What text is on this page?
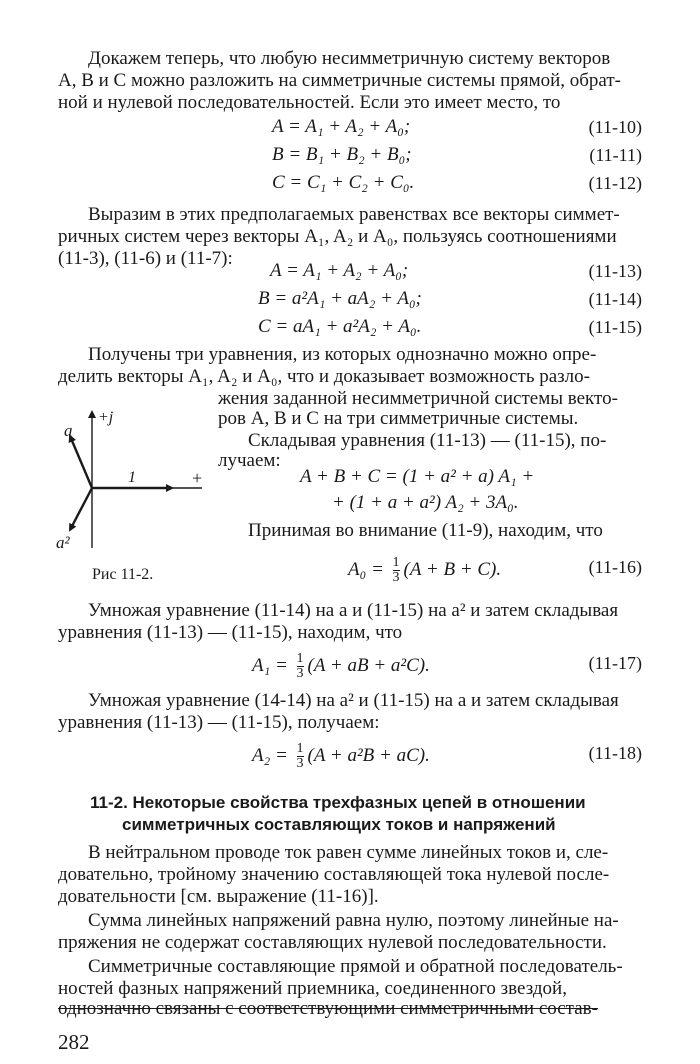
Докажем теперь, что любую несимметричную систему векторов
A, B и C можно разложить на симметричные системы прямой, обрат-
ной и нулевой последовательностей. Если это имеет место, то
A = A₁ + A₂ + A₀;	(11-10)
B = B₁ + B₂ + B₀;	(11-11)
C = C₁ + C₂ + C₀.	(11-12)
Выразим в этих предполагаемых равенствах все векторы симмет-
ричных систем через векторы A₁, A₂ и A₀, пользуясь соотношениями
(11-3), (11-6) и (11-7):
A = A₁ + A₂ + A₀;	(11-13)
B = a²A₁ + aA₂ + A₀;	(11-14)
C = aA₁ + a²A₂ + A₀.	(11-15)
Получены три уравнения, из которых однозначно можно опре-
делить векторы A₁, A₂ и A₀, что и доказывает возможность разло-
жения заданной несимметричной системы векто-
ров A, B и C на три симметричные системы.
Складывая уравнения (11-13) — (11-15), по-
лучаем:
A + B + C = (1 + a² + a) A₁ +
+ (1 + a + a²) A₂ + 3A₀.
Принимая во внимание (11-9), находим, что
$A_0 = \frac{1}{3} (A + B + C)$.	(11-16)
+j
a
1	+
a²
Рис 11-2.
Умножая уравнение (11-14) на a и (11-15) на a² и затем складывая
уравнения (11-13) — (11-15), находим, что
$A_1 = \frac{1}{3} (A$ + aB + a²C).	(11-17)
Умножая уравнение (14-14) на a² и (11-15) на a и затем складывая
уравнения (11-13) — (11-15), получаем:
$A_2 = \frac{1}{3} (A + a^2B + aC)$.	(11-18)
11-2. Некоторые свойства трехфазных цепей в отношении
симметричных составляющих токов и напряжений
В нейтральном проводе ток равен сумме линейных токов и, сле-
довательно, тройному значению составляющей тока нулевой после-
довательности [см. выражение (11-16)].
Сумма линейных напряжений равна нулю, поэтому линейные на-
пряжения не содержат составляющих нулевой последовательности.
Симметричные составляющие прямой и обратной последователь-
ностей фазных напряжений приемника, соединенного звездой,
однозначно связаны с соответствующими симметричными состав-
282
